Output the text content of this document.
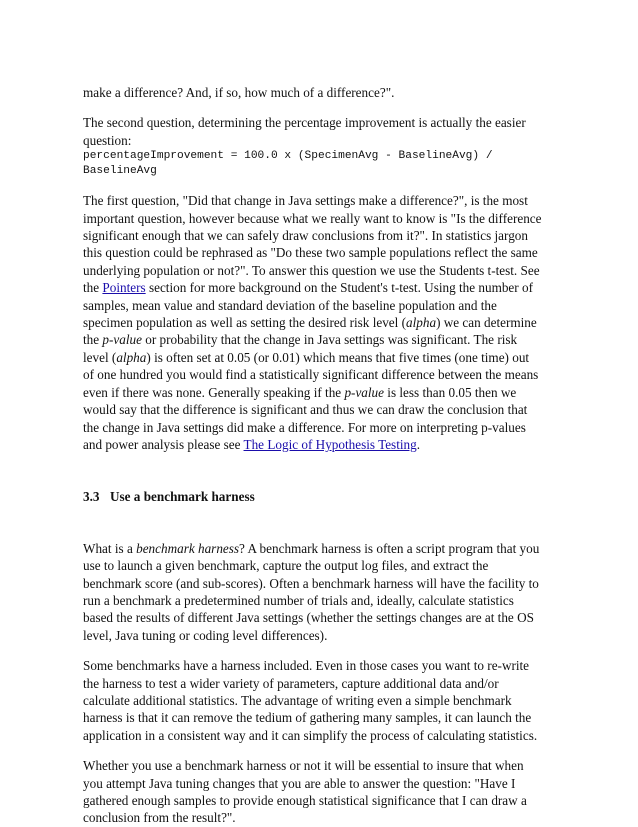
make a difference? And, if so, how much of a difference?".

The second question, determining the percentage improvement is actually the easier question:
percentageImprovement = 100.0 x (SpecimenAvg - BaselineAvg) /
BaselineAvg

The first question, "Did that change in Java settings make a difference?", is the most important question, however because what we really want to know is "Is the difference significant enough that we can safely draw conclusions from it?". In statistics jargon this question could be rephrased as "Do these two sample populations reflect the same underlying population or not?". To answer this question we use the Students t-test. See the Pointers section for more background on the Student's t-test. Using the number of samples, mean value and standard deviation of the baseline population and the specimen population as well as setting the desired risk level (alpha) we can determine the p-value or probability that the change in Java settings was significant. The risk level (alpha) is often set at 0.05 (or 0.01) which means that five times (one time) out of one hundred you would find a statistically significant difference between the means even if there was none. Generally speaking if the p-value is less than 0.05 then we would say that the difference is significant and thus we can draw the conclusion that the change in Java settings did make a difference. For more on interpreting p-values and power analysis please see The Logic of Hypothesis Testing.

3.3 Use a benchmark harness

What is a benchmark harness? A benchmark harness is often a script program that you use to launch a given benchmark, capture the output log files, and extract the benchmark score (and sub-scores). Often a benchmark harness will have the facility to run a benchmark a predetermined number of trials and, ideally, calculate statistics based the results of different Java settings (whether the settings changes are at the OS level, Java tuning or coding level differences).

Some benchmarks have a harness included. Even in those cases you want to re-write the harness to test a wider variety of parameters, capture additional data and/or calculate additional statistics. The advantage of writing even a simple benchmark harness is that it can remove the tedium of gathering many samples, it can launch the application in a consistent way and it can simplify the process of calculating statistics.

Whether you use a benchmark harness or not it will be essential to insure that when you attempt Java tuning changes that you are able to answer the question: "Have I gathered enough samples to provide enough statistical significance that I can draw a conclusion from the result?".
